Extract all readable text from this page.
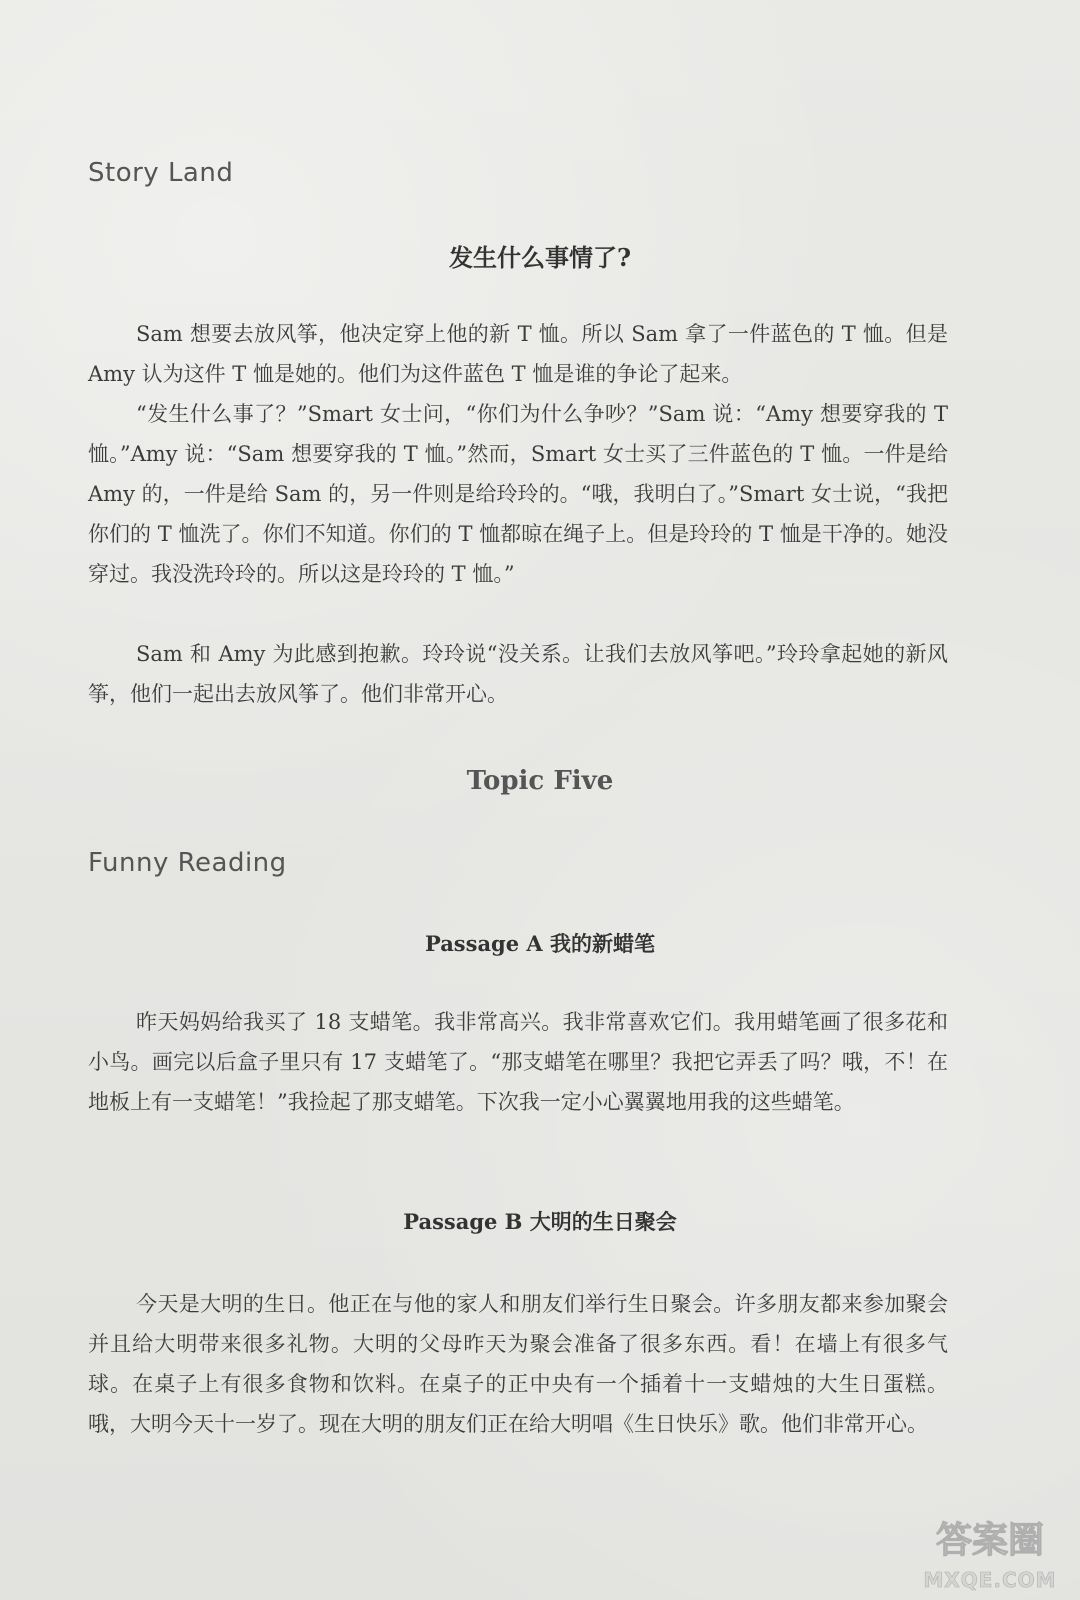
Story Land
发生什么事情了?
Sam 想要去放风筝，他决定穿上他的新 T 恤。所以 Sam 拿了一件蓝色的 T 恤。但是 Amy 认为这件 T 恤是她的。他们为这件蓝色 T 恤是谁的争论了起来。
“发生什么事了？”Smart 女士问，“你们为什么争吵？”Sam 说：“Amy 想要穿我的 T 恤。”Amy 说：“Sam 想要穿我的 T 恤。”然而，Smart 女士买了三件蓝色的 T 恤。一件是给 Amy 的，一件是给 Sam 的，另一件则是给玲玲的。“哦，我明白了。”Smart 女士说，“我把你们的 T 恤洗了。你们不知道。你们的 T 恤都晾在绳子上。但是玲玲的 T 恤是干净的。她没穿过。我没洗玲玲的。所以这是玲玲的 T 恤。”
Sam 和 Amy 为此感到抱歉。玲玲说“没关系。让我们去放风筝吧。”玲玲拿起她的新风筝，他们一起出去放风筝了。他们非常开心。
Topic Five
Funny Reading
Passage A 我的新蜡笔
昨天妈妈给我买了 18 支蜡笔。我非常高兴。我非常喜欢它们。我用蜡笔画了很多花和小鸟。画完以后盒子里只有 17 支蜡笔了。“那支蜡笔在哪里？我把它弄丢了吗？哦，不！在地板上有一支蜡笔！”我捡起了那支蜡笔。下次我一定小心翼翼地用我的这些蜡笔。
Passage B 大明的生日聚会
今天是大明的生日。他正在与他的家人和朋友们举行生日聚会。许多朋友都来参加聚会并且给大明带来很多礼物。大明的父母昨天为聚会准备了很多东西。看！在墙上有很多气球。在桌子上有很多食物和饮料。在桌子的正中央有一个插着十一支蜡烛的大生日蛋糕。哦，大明今天十一岁了。现在大明的朋友们正在给大明唱《生日快乐》歌。他们非常开心。
答案圈
MXQE.COM
